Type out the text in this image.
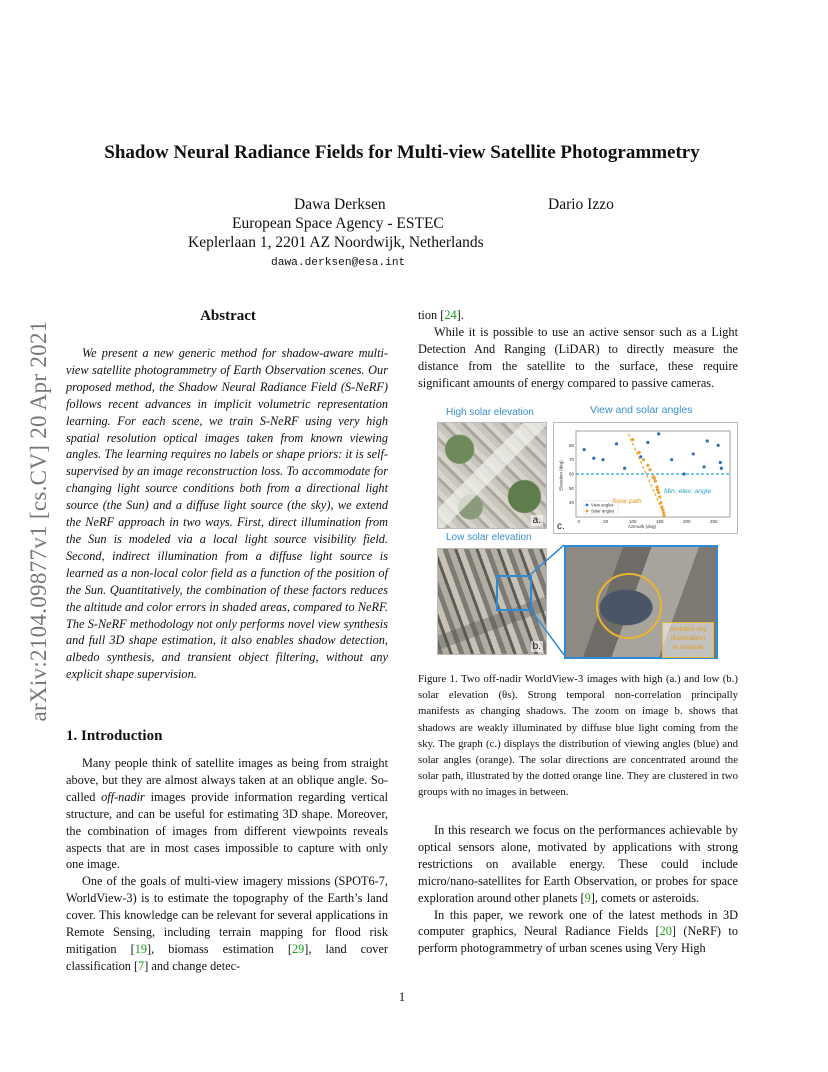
arXiv:2104.09877v1 [cs.CV] 20 Apr 2021
Shadow Neural Radiance Fields for Multi-view Satellite Photogrammetry
Dawa Derksen	Dario Izzo
European Space Agency - ESTEC
Keplerlaan 1, 2201 AZ Noordwijk, Netherlands
dawa.derksen@esa.int
Abstract

We present a new generic method for shadow-aware multi-view satellite photogrammetry of Earth Observation scenes. Our proposed method, the Shadow Neural Radiance Field (S-NeRF) follows recent advances in implicit volumetric representation learning. For each scene, we train S-NeRF using very high spatial resolution optical images taken from known viewing angles. The learning requires no labels or shape priors: it is self-supervised by an image reconstruction loss. To accommodate for changing light source conditions both from a directional light source (the Sun) and a diffuse light source (the sky), we extend the NeRF approach in two ways. First, direct illumination from the Sun is modeled via a local light source visibility field. Second, indirect illumination from a diffuse light source is learned as a non-local color field as a function of the position of the Sun. Quantitatively, the combination of these factors reduces the altitude and color errors in shaded areas, compared to NeRF. The S-NeRF methodology not only performs novel view synthesis and full 3D shape estimation, it also enables shadow detection, albedo synthesis, and transient object filtering, without any explicit shape supervision.

1. Introduction

Many people think of satellite images as being from straight above, but they are almost always taken at an oblique angle. So-called off-nadir images provide information regarding vertical structure, and can be useful for estimating 3D shape. Moreover, the combination of images from different viewpoints reveals aspects that are in most cases impossible to capture with only one image.

One of the goals of multi-view imagery missions (SPOT6-7, WorldView-3) is to estimate the topography of the Earth’s land cover. This knowledge can be relevant for several applications in Remote Sensing, including terrain mapping for flood risk mitigation [19], biomass estimation [29], land cover classification [7] and change detec-

tion [24].

While it is possible to use an active sensor such as a Light Detection And Ranging (LiDAR) to directly measure the distance from the satellite to the surface, these require significant amounts of energy compared to passive cameras.

High solar elevation	View and solar angles
a.	0	50	100	150	200	250
40
50
60
70
80
View angles
Solar angles
c.
Solar path
Min. elev. angle
Azimuth (deg)
Elevation (deg)
Low solar elevation
b.
Ambient sky
illumination
in shadow
Figure 1. Two off-nadir WorldView-3 images with high (a.) and low (b.) solar elevation (θs). Strong temporal non-correlation principally manifests as changing shadows. The zoom on image b. shows that shadows are weakly illuminated by diffuse blue light coming from the sky. The graph (c.) displays the distribution of viewing angles (blue) and solar angles (orange). The solar directions are concentrated around the solar path, illustrated by the dotted orange line. They are clustered in two groups with no images in between.

In this research we focus on the performances achievable by optical sensors alone, motivated by applications with strong restrictions on available energy. These could include micro/nano-satellites for Earth Observation, or probes for space exploration around other planets [9], comets or asteroids.

In this paper, we rework one of the latest methods in 3D computer graphics, Neural Radiance Fields [20] (NeRF) to perform photogrammetry of urban scenes using Very High

1
